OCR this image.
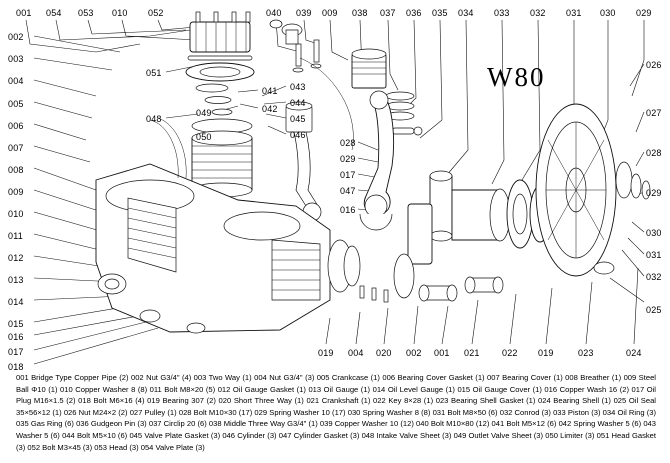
W80
001 054 053 010 052	040 039 009 038 037 036 035 034 033 032 031 030 029
002
003
004
005
006
007
008
009
010
011
012
013
014
015
016
017
018
026
027
028
029
030
031
032
025
019 004 020 002 001 021 022 019	023	024
051
048
049
050
041
042
043
044
045
046
028
029
017
047
016
001 Bridge Type Copper Pipe (2) 002 Nut G3/4" (4) 003 Two Way (1) 004 Nut G3/4" (3) 005 Crankcase (1) 006 Bearing Cover Gasket (1) 007 Bearing Cover (1) 008 Breather (1) 009 Steel Ball Φ10 (1) 010 Copper Washer 8 (8) 011 Bolt M8×20 (5) 012 Oil Gauge Gasket (1) 013 Oil Gauge (1) 014 Oil Level Gauge (1) 015 Oil Gauge Cover (1) 016 Copper Wash 16 (2) 017 Oil Plug M16×1.5 (2) 018 Bolt M6×16 (4) 019 Bearing 307 (2) 020 Short Three Way (1) 021 Crankshaft (1) 022 Key 8×28 (1) 023 Bearing Shell Gasket (1) 024 Bearing Shell (1) 025 Oil Seal 35×56×12 (1) 026 Nut M24×2 (2) 027 Pulley (1) 028 Bolt M10×30 (17) 029 Spring Washer 10 (17) 030 Spring Washer 8 (8) 031 Bolt M8×50 (6) 032 Conrod (3) 033 Piston (3) 034 Oil Ring (3) 035 Gas Ring (6) 036 Gudgeon Pin (3) 037 Circlip 20 (6) 038 Middle Three Way G3/4" (1) 039 Copper Washer 10 (12) 040 Bolt M10×80 (12) 041 Bolt M5×12 (6) 042 Spring Washer 5 (6) 043 Washer 5 (6) 044 Bolt M5×10 (6) 045 Valve Plate Gasket (3) 046 Cylinder (3) 047 Cylinder Gasket (3) 048 Intake Valve Sheet (3) 049 Outlet Valve Sheet (3) 050 Limiter (3) 051 Head Gasket (3) 052 Bolt M3×45 (3) 053 Head (3) 054 Valve Plate (3)
